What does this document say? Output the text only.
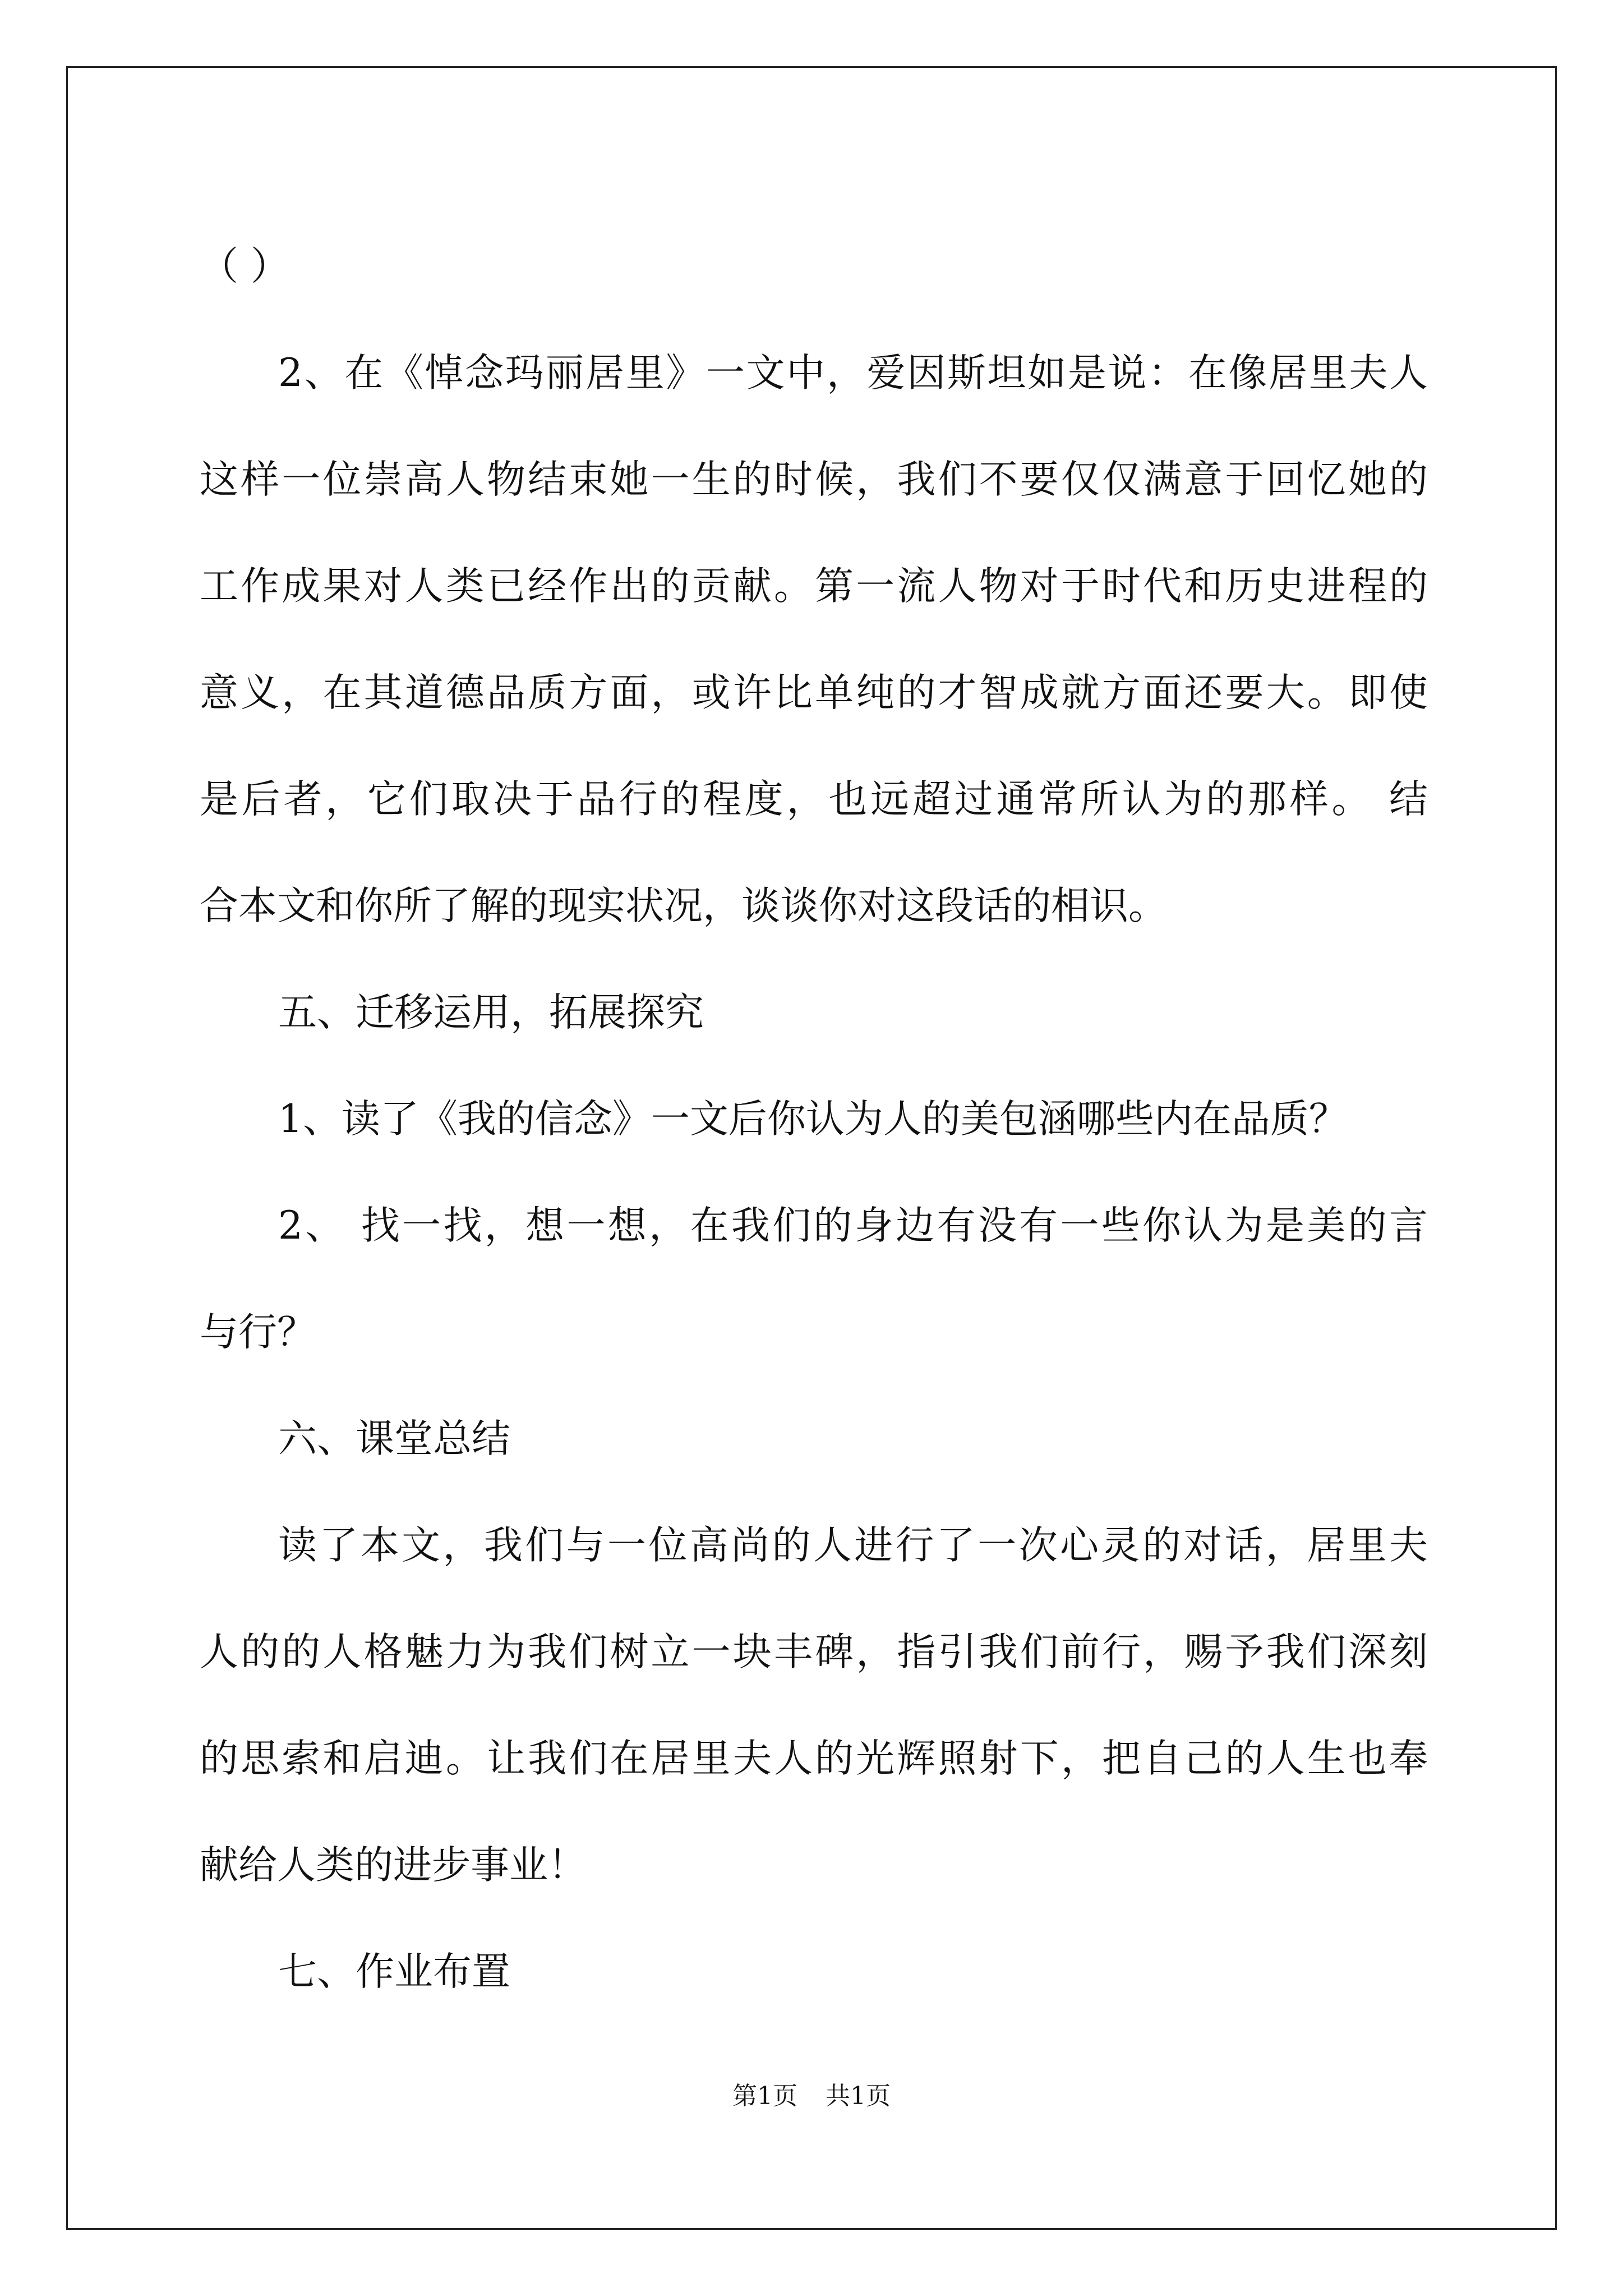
（ ）
2、在《悼念玛丽居里》一文中，爱因斯坦如是说：在像居里夫人
这样一位崇高人物结束她一生的时候，我们不要仅仅满意于回忆她的
工作成果对人类已经作出的贡献。第一流人物对于时代和历史进程的
意义，在其道德品质方面，或许比单纯的才智成就方面还要大。即使
是后者，它们取决于品行的程度，也远超过通常所认为的那样。 结
合本文和你所了解的现实状况，谈谈你对这段话的相识。
五、迁移运用，拓展探究
1、读了《我的信念》一文后你认为人的美包涵哪些内在品质？
2、 找一找，想一想，在我们的身边有没有一些你认为是美的言
与行？
六、课堂总结
读了本文，我们与一位高尚的人进行了一次心灵的对话，居里夫
人的的人格魅力为我们树立一块丰碑，指引我们前行，赐予我们深刻
的思索和启迪。让我们在居里夫人的光辉照射下，把自己的人生也奉
献给人类的进步事业！
七、作业布置
第1页 共1页
